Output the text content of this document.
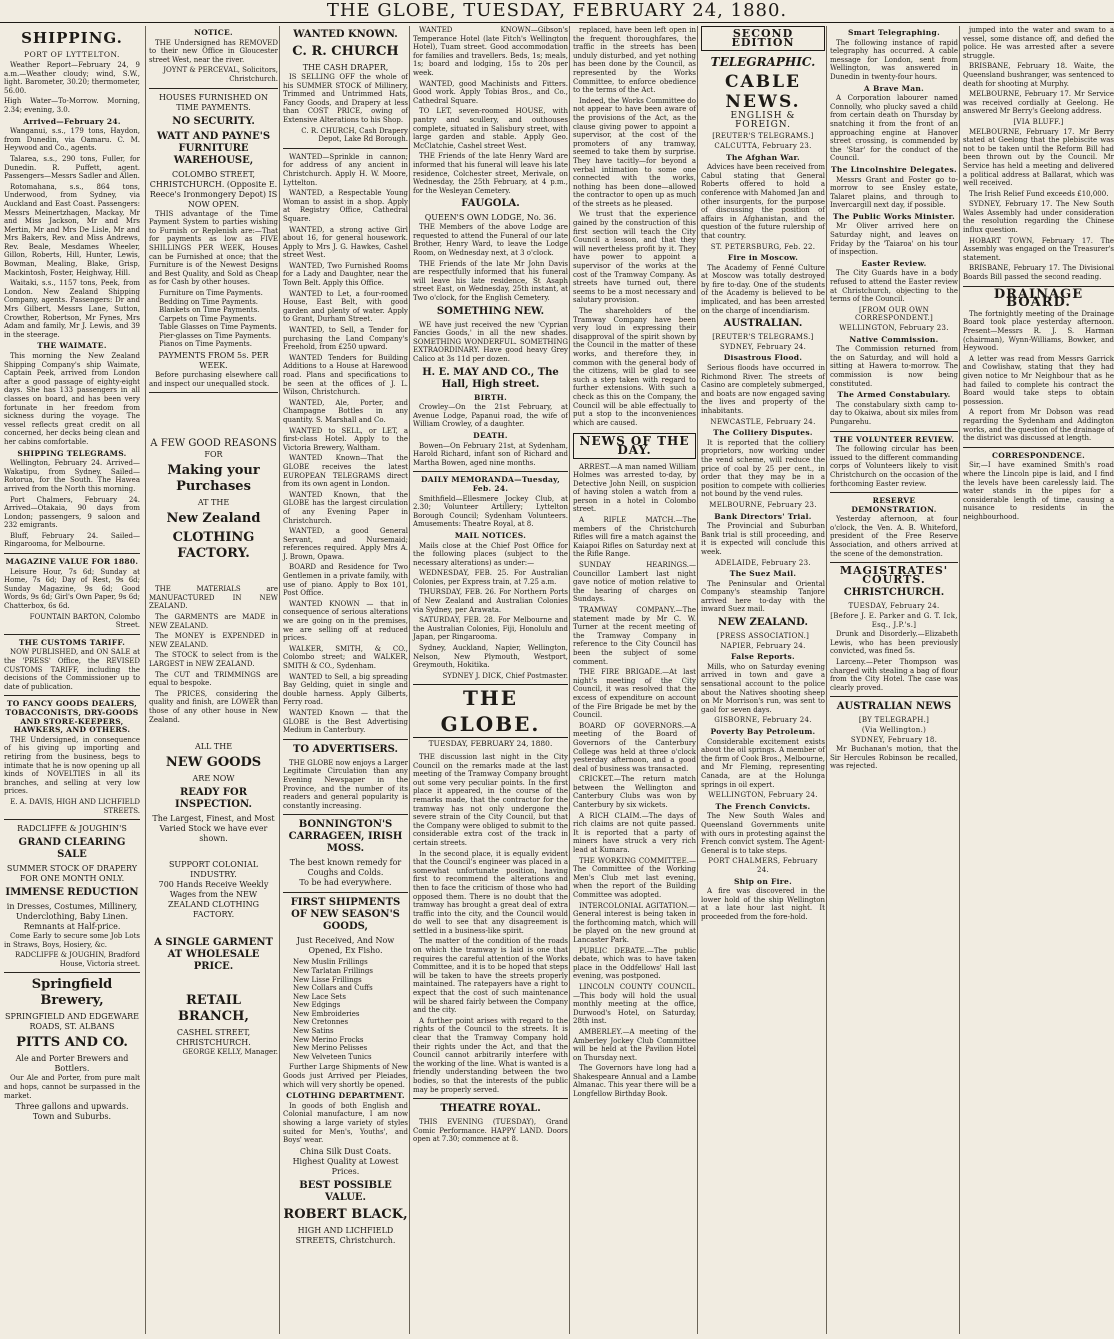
THE GLOBE, TUESDAY, FEBRUARY 24, 1880.
SHIPPING.
PORT OF LYTTELTON.

Weather Report—February 24, 9 a.m.—Weather cloudy; wind, S.W., light. Barometer, 30.20; thermometer, 56.00.

High Water—To-Morrow. Morning, 2.34; evening, 3.0.

Arrived—February 24.

Wanganui, s.s., 179 tons, Haydon, from Dunedin, via Oamaru. C. M. Heywood and Co., agents.

Talarea, s.s., 290 tons, Fuller, for Dunedin. R. Puffett, agent. Passengers—Messrs Sadler and Allen.

Rotomahana, s.s., 864 tons, Underwood, from Sydney, via Auckland and East Coast. Passengers: Messrs Meinertzhagen, Mackay, Mr and Miss Jackson, Mr and Mrs Mertin, Mr and Mrs De Lisle, Mr and Mrs Bakers, Rev. and Miss Andrews, Rev. Beale, Mesdames Wheeler, Gillon, Roberts, Hill, Hunter, Lewis, Bowman, Mealing, Blake, Grisp, Mackintosh, Foster, Heighway, Hill.

Waitaki, s.s., 1157 tons, Peek, from London. New Zealand Shipping Company, agents. Passengers: Dr and Mrs Gilbert, Messrs Lane, Sutton, Crowther, Robertson, Mr Fynes, Mrs Adam and family, Mr J. Lewis, and 39 in the steerage.

THE WAIMATE.

This morning the New Zealand Shipping Company's ship Waimate, Captain Peek, arrived from London after a good passage of eighty-eight days. She has 133 passengers in all classes on board, and has been very fortunate in her freedom from sickness during the voyage. The vessel reflects great credit on all concerned, her decks being clean and her cabins comfortable.

SHIPPING TELEGRAMS.

Wellington, February 24. Arrived—Wakatipu, from Sydney. Sailed—Rotorua, for the South. The Hawea arrived from the North this morning.

Port Chalmers, February 24. Arrived—Otakaia, 90 days from London; passengers, 9 saloon and 232 emigrants.

Bluff, February 24. Sailed—Ringarooma, for Melbourne.

MAGAZINE VALUE FOR 1880.

Leisure Hour, 7s 6d; Sunday at Home, 7s 6d; Day of Rest, 9s 6d; Sunday Magazine, 9s 6d; Good Words, 9s 6d; Girl's Own Paper, 9s 6d; Chatterbox, 6s 6d.

FOUNTAIN BARTON, Colombo Street.
THE CUSTOMS TARIFF.

NOW PUBLISHED, and ON SALE at the 'PRESS' Office, the REVISED CUSTOMS TARIFF, including the decisions of the Commissioner up to date of publication.

TO FANCY GOODS DEALERS, TOBACCONISTS, DRY-GOODS AND STORE-KEEPERS, HAWKERS, AND OTHERS.

THE Undersigned, in consequence of his giving up importing and retiring from the business, begs to intimate that he is now opening up all kinds of NOVELTIES in all its branches, and selling at very low prices.

E. A. DAVIS, HIGH AND LICHFIELD STREETS.
RADCLIFFE & JOUGHIN'S
GRAND CLEARING SALE
SUMMER STOCK OF DRAPERY FOR ONE MONTH ONLY.
IMMENSE REDUCTION
in Dresses, Costumes, Millinery, Underclothing, Baby Linen.
Remnants at Half-price.

Come Early to secure some Job Lots in Straws, Boys, Hosiery, &c.

RADCLIFFE & JOUGHIN, Bradford House, Victoria street.
Springfield Brewery,
SPRINGFIELD AND EDGEWARE ROADS, ST. ALBANS
PITTS AND CO.
Ale and Porter Brewers and Bottlers.

Our Ale and Porter, from pure malt and hops, cannot be surpassed in the market.

Three gallons and upwards. Town and Suburbs.
NOTICE.

THE Undersigned has REMOVED to their new Office in Gloucester street West, near the river.

JOYNT & PERCEVAL, Solicitors, Christchurch.
HOUSES FURNISHED ON TIME PAYMENTS.
NO SECURITY.
WATT AND PAYNE'S FURNITURE WAREHOUSE,
COLOMBO STREET, CHRISTCHURCH. (Opposite E. Reece's Ironmongery Depot) IS NOW OPEN.

THIS advantage of the Time Payment System to parties wishing to Furnish or Replenish are:—That for payments as low as FIVE SHILLINGS PER WEEK, Houses can be Furnished at once; that the Furniture is of the Newest Designs and Best Quality, and Sold as Cheap as for Cash by other houses.

Furniture on Time Payments.
Bedding on Time Payments.
Blankets on Time Payments.
Carpets on Time Payments.
Table Glasses on Time Payments.
Pier-glasses on Time Payments.
Pianos on Time Payments.
PAYMENTS FROM 5s. PER WEEK.

Before purchasing elsewhere call and inspect our unequalled stock.

A FEW GOOD REASONS
FOR
Making your Purchases
AT THE
New Zealand
CLOTHING FACTORY.

THE MATERIALS are MANUFACTURED IN NEW ZEALAND.

The GARMENTS are MADE in NEW ZEALAND.

The MONEY is EXPENDED in NEW ZEALAND.

The STOCK to select from is the LARGEST in NEW ZEALAND.

The CUT and TRIMMINGS are equal to bespoke.

The PRICES, considering the quality and finish, are LOWER than those of any other house in New Zealand.

ALL THE
NEW GOODS
ARE NOW
READY FOR INSPECTION.
The Largest, Finest, and Most Varied Stock we have ever shown.
SUPPORT COLONIAL INDUSTRY.
700 Hands Receive Weekly Wages from the NEW ZEALAND CLOTHING FACTORY.
A SINGLE GARMENT AT WHOLESALE PRICE.
RETAIL BRANCH,
CASHEL STREET, CHRISTCHURCH.
GEORGE KELLY, Manager.
WANTED KNOWN.
C. R. CHURCH
THE CASH DRAPER,

IS SELLING OFF the whole of his SUMMER STOCK of Millinery, Trimmed and Untrimmed Hats, Fancy Goods, and Drapery at less than COST PRICE, owing of Extensive Alterations to his Shop.

C. R. CHURCH, Cash Drapery Depot, Lake Rd Borough.

WANTED—Sprinkle in cannon; for address of any ancient in Christchurch. Apply H. W. Moore, Lyttelton.

WANTED, a Respectable Young Woman to assist in a shop. Apply at Registry Office, Cathedral Square.

WANTED, a strong active Girl about 16, for general housework. Apply to Mrs J. G. Hawkes, Cashel street West.

WANTED, Two Furnished Rooms for a Lady and Daughter, near the Town Belt. Apply this Office.

WANTED to Let, a four-roomed House, East Belt, with good garden and plenty of water. Apply to Grant, Durham Street.

WANTED, to Sell, a Tender for purchasing the Land Company's Freehold, from £250 upward.

WANTED Tenders for Building Additions to a House at Harewood road. Plans and specifications to be seen at the offices of J. L. Wilson, Christchurch.

WANTED, Ale, Porter, and Champagne Bottles in any quantity. S. Marshall and Co.

WANTED to SELL, or LET, a first-class Hotel. Apply to the Victoria Brewery, Waltham.

WANTED Known—That the GLOBE receives the latest EUROPEAN TELEGRAMS direct from its own agent in London.

WANTED Known, that the GLOBE has the largest circulation of any Evening Paper in Christchurch.

WANTED, a good General Servant, and Nursemaid; references required. Apply Mrs A. J. Brown, Opawa.

BOARD and Residence for Two Gentlemen in a private family, with use of piano. Apply to Box 101, Post Office.

WANTED KNOWN — that in consequence of serious alterations we are going on in the premises, we are selling off at reduced prices.

WALKER, SMITH, & CO., Colombo street; and WALKER, SMITH & CO., Sydenham.

WANTED to Sell, a big spreading Bay Gelding, quiet in single and double harness. Apply Gilberts, Ferry road.

WANTED Known — that the GLOBE is the Best Advertising Medium in Canterbury.

TO ADVERTISERS.

THE GLOBE now enjoys a Larger Legitimate Circulation than any Evening Newspaper in the Province, and the number of its readers and general popularity is constantly increasing.

BONNINGTON'S CARRAGEEN, IRISH MOSS.
The best known remedy for Coughs and Colds.
To be had everywhere.
FIRST SHIPMENTS OF NEW SEASON'S GOODS,
Just Received, And Now Opened, Ex Fisho.
New Muslin Frillings
New Tarlatan Frillings
New Lisse Frillings
New Collars and Cuffs
New Lace Sets
New Edgings
New Embroideries
New Cretonnes
New Satins
New Merino Frocks
New Merino Pelisses
New Velveteen Tunics

Further Large Shipments of New Goods just Arrived per Pleiades, which will very shortly be opened.

CLOTHING DEPARTMENT.

In goods of both English and Colonial manufacture, I am now showing a large variety of styles suited for Men's, Youths', and Boys' wear.

China Silk Dust Coats.
Highest Quality at Lowest Prices.
BEST POSSIBLE VALUE.
ROBERT BLACK,
HIGH AND LICHFIELD STREETS, Christchurch.

WANTED KNOWN—Gibson's Temperance Hotel (late Fitch's Wellington Hotel), Tuam street. Good accommodation for families and travellers. Beds, 1s; meals, 1s; board and lodging, 15s to 20s per week.

WANTED, good Machinists and Fitters. Good work. Apply Tobias Bros., and Co., Cathedral Square.

TO LET, seven-roomed HOUSE, with pantry and scullery, and outhouses complete, situated in Salisbury street, with large garden and stable. Apply Geo. McClatchie, Cashel street West.

THE Friends of the late Henry Ward are informed that his funeral will leave his late residence, Colchester street, Merivale, on Wednesday, the 25th February, at 4 p.m., for the Wesleyan Cemetery.

FAUGOLA.
QUEEN'S OWN LODGE, No. 36.

THE Members of the above Lodge are requested to attend the Funeral of our late Brother, Henry Ward, to leave the Lodge Room, on Wednesday next, at 3 o'clock.

THE Friends of the late Mr John Davis are respectfully informed that his funeral will leave his late residence, St Asaph street East, on Wednesday, 25th instant, at Two o'clock, for the English Cemetery.

SOMETHING NEW.

WE have just received the new 'Cyprian Fancies Goods,' in all the new shades. SOMETHING WONDERFUL. SOMETHING EXTRAORDINARY. Have good heavy Grey Calico at 3s 11d per dozen.

H. E. MAY AND CO., The Hall, High street.
BIRTH.

Crowley—On the 21st February, at Avenue Lodge, Papanui road, the wife of William Crowley, of a daughter.

DEATH.

Bowen—On February 21st, at Sydenham, Harold Richard, infant son of Richard and Martha Bowen, aged nine months.

DAILY MEMORANDA—Tuesday, Feb. 24.

Smithfield—Ellesmere Jockey Club, at 2.30; Volunteer Artillery; Lyttelton Borough Council; Sydenham Volunteers. Amusements: Theatre Royal, at 8.

MAIL NOTICES.

Mails close at the Chief Post Office for the following places (subject to the necessary alterations) as under:—

WEDNESDAY, FEB. 25. For Australian Colonies, per Express train, at 7.25 a.m.

THURSDAY, FEB. 26. For Northern Ports of New Zealand and Australian Colonies via Sydney, per Arawata.

SATURDAY, FEB. 28. For Melbourne and the Australian Colonies, Fiji, Honolulu and Japan, per Ringarooma.

Sydney, Auckland, Napier, Wellington, Nelson, New Plymouth, Westport, Greymouth, Hokitika.

SYDNEY J. DICK, Chief Postmaster.
THE GLOBE.
TUESDAY, FEBRUARY 24, 1880.

THE discussion last night in the City Council on the remarks made at the last meeting of the Tramway Company brought out some very peculiar points. In the first place it appeared, in the course of the remarks made, that the contractor for the tramway has not only undergone the severe strain of the City Council, but that the Company were obliged to submit to the considerable extra cost of the track in certain streets.

In the second place, it is equally evident that the Council's engineer was placed in a somewhat unfortunate position, having first to recommend the alterations and then to face the criticism of those who had opposed them. There is no doubt that the tramway has brought a great deal of extra traffic into the city, and the Council would do well to see that any disagreement is settled in a business-like spirit.

The matter of the condition of the roads on which the tramway is laid is one that requires the careful attention of the Works Committee, and it is to be hoped that steps will be taken to have the streets properly maintained. The ratepayers have a right to expect that the cost of such maintenance will be shared fairly between the Company and the city.

A further point arises with regard to the rights of the Council to the streets. It is clear that the Tramway Company hold their rights under the Act, and that the Council cannot arbitrarily interfere with the working of the line. What is wanted is a friendly understanding between the two bodies, so that the interests of the public may be properly served.

THEATRE ROYAL.

THIS EVENING (TUESDAY), Grand Comic Performance. HAPPY LAND. Doors open at 7.30; commence at 8.

replaced, have been left open in the frequent thoroughfares, the traffic in the streets has been unduly disturbed, and yet nothing has been done by the Council, as represented by the Works Committee, to enforce obedience to the terms of the Act.

Indeed, the Works Committee do not appear to have been aware of the provisions of the Act, as the clause giving power to appoint a supervisor, at the cost of the promoters of any tramway, seemed to take them by surprise. They have tacitly—for beyond a verbal intimation to some one connected with the works, nothing has been done—allowed the contractor to open up as much of the streets as he pleased.

We trust that the experience gained by the construction of this first section will teach the City Council a lesson, and that they will nevertheless profit by it. They have power to appoint a supervisor of the works at the cost of the Tramway Company. As streets have turned out, there seems to be a most necessary and salutary provision.

The shareholders of the Tramway Company have been very loud in expressing their disapproval of the spirit shown by the Council in the matter of these works, and therefore they, in common with the general body of the citizens, will be glad to see such a step taken with regard to further extensions. With such a check as this on the Company, the Council will be able effectually to put a stop to the inconveniences which are caused.

NEWS OF THE DAY.

ARREST.—A man named William Holmes was arrested to-day, by Detective John Neill, on suspicion of having stolen a watch from a person in a hotel in Colombo street.

A RIFLE MATCH.—The members of the Christchurch Rifles will fire a match against the Kaiapoi Rifles on Saturday next at the Rifle Range.

SUNDAY HEARINGS.—Councillor Lambert last night gave notice of motion relative to the hearing of charges on Sundays.

TRAMWAY COMPANY.—The statement made by Mr C. W. Turner at the recent meeting of the Tramway Company in reference to the City Council has been the subject of some comment.

THE FIRE BRIGADE.—At last night's meeting of the City Council, it was resolved that the excess of expenditure on account of the Fire Brigade be met by the Council.

BOARD OF GOVERNORS.—A meeting of the Board of Governors of the Canterbury College was held at three o'clock yesterday afternoon, and a good deal of business was transacted.

CRICKET.—The return match between the Wellington and Canterbury Clubs was won by Canterbury by six wickets.

A RICH CLAIM.—The days of rich claims are not quite passed. It is reported that a party of miners have struck a very rich lead at Kumara.

THE WORKING COMMITTEE.—The Committee of the Working Men's Club met last evening, when the report of the Building Committee was adopted.

INTERCOLONIAL AGITATION.—General interest is being taken in the forthcoming match, which will be played on the new ground at Lancaster Park.

PUBLIC DEBATE.—The public debate, which was to have taken place in the Oddfellows' Hall last evening, was postponed.

LINCOLN COUNTY COUNCIL.—This body will hold the usual monthly meeting at the office, Durwood's Hotel, on Saturday, 28th inst.

AMBERLEY.—A meeting of the Amberley Jockey Club Committee will be held at the Pavilion Hotel on Thursday next.

The Governors have long had a Shakespeare Annual and a Lambe Almanac. This year there will be a Longfellow Birthday Book.

SECOND EDITION
TELEGRAPHIC.
CABLE NEWS.
ENGLISH & FOREIGN.
[REUTER'S TELEGRAMS.]
CALCUTTA, February 23.
The Afghan War.

Advices have been received from Cabul stating that General Roberts offered to hold a conference with Mahomed Jan and other insurgents, for the purpose of discussing the position of affairs in Afghanistan, and the question of the future rulership of that country.

ST. PETERSBURG, Feb. 22.
Fire in Moscow.

The Academy of Fenné Culture at Moscow was totally destroyed by fire to-day. One of the students of the Academy is believed to be implicated, and has been arrested on the charge of incendiarism.

AUSTRALIAN.
[REUTER'S TELEGRAMS.]
SYDNEY, February 24.
Disastrous Flood.

Serious floods have occurred in Richmond River. The streets of Casino are completely submerged, and boats are now engaged saving the lives and property of the inhabitants.

NEWCASTLE, February 24.
The Colliery Disputes.

It is reported that the colliery proprietors, now working under the vend scheme, will reduce the price of coal by 25 per cent., in order that they may be in a position to compete with collieries not bound by the vend rules.

MELBOURNE, February 23.
Bank Directors' Trial.

The Provincial and Suburban Bank trial is still proceeding, and it is expected will conclude this week.

ADELAIDE, February 23.
The Suez Mail.

The Peninsular and Oriental Company's steamship Tanjore arrived here to-day with the inward Suez mail.

NEW ZEALAND.
[PRESS ASSOCIATION.]
NAPIER, February 24.
False Reports.

Mills, who on Saturday evening arrived in town and gave a sensational account to the police about the Natives shooting sheep on Mr Morrison's run, was sent to gaol for seven days.

GISBORNE, February 24.
Poverty Bay Petroleum.

Considerable excitement exists about the oil springs. A member of the firm of Cook Bros., Melbourne, and Mr Fleming, representing Canada, are at the Holunga springs in oil expert.

WELLINGTON, February 24.
The French Convicts.

The New South Wales and Queensland Governments unite with ours in protesting against the French convict system. The Agent-General is to take steps.

PORT CHALMERS, February 24.
Ship on Fire.

A fire was discovered in the lower hold of the ship Wellington at a late hour last night. It proceeded from the fore-hold.

Smart Telegraphing.

The following instance of rapid telegraphy has occurred. A cable message for London, sent from Wellington, was answered in Dunedin in twenty-four hours.

A Brave Man.

A Corporation labourer named Connolly, who plucky saved a child from certain death on Thursday by snatching it from the front of an approaching engine at Hanover street crossing, is commended by the 'Star' for the conduct of the Council.

The Lincolnshire Delegates.

Messrs Grant and Foster go to-morrow to see Ensley estate, Talaret plains, and through to Invercargill next day, if possible.

The Public Works Minister.

Mr Oliver arrived here on Saturday night, and leaves on Friday by the 'Taiaroa' on his tour of inspection.

Easter Review.

The City Guards have in a body refused to attend the Easter review at Christchurch, objecting to the terms of the Council.

[FROM OUR OWN CORRESPONDENT.]
WELLINGTON, February 23.
Native Commission.

The Commission returned from the on Saturday, and will hold a sitting at Hawera to-morrow. The commission is now being constituted.

The Armed Constabulary.

The constabulary sixth camp to-day to Okaiwa, about six miles from Pungarehu.

THE VOLUNTEER REVIEW.

The following circular has been issued to the different commanding corps of Volunteers likely to visit Christchurch on the occasion of the forthcoming Easter review.

RESERVE DEMONSTRATION.

Yesterday afternoon, at four o'clock, the Ven. A. B. Whiteford, president of the Free Reserve Association, and others arrived at the scene of the demonstration.

MAGISTRATES' COURTS.
CHRISTCHURCH.
TUESDAY, February 24.
[Before J. E. Parker and G. T. Ick, Esq., J.P.'s.]

Drunk and Disorderly.—Elizabeth Lewis, who has been previously convicted, was fined 5s.

Larceny.—Peter Thompson was charged with stealing a bag of flour from the City Hotel. The case was clearly proved.

AUSTRALIAN NEWS
[BY TELEGRAPH.]
(Via Wellington.)
SYDNEY, February 18.

Mr Buchanan's motion, that the Sir Hercules Robinson be recalled, was rejected.

jumped into the water and swam to a vessel, some distance off, and defied the police. He was arrested after a severe struggle.

BRISBANE, February 18. Waite, the Queensland bushranger, was sentenced to death for shooting at Murphy.

MELBOURNE, February 17. Mr Service was received cordially at Geelong. He answered Mr Berry's Geelong address.

[VIA BLUFF.]

MELBOURNE, February 17. Mr Berry stated at Geelong that the plebiscite was not to be taken until the Reform Bill had been thrown out by the Council. Mr Service has held a meeting and delivered a political address at Ballarat, which was well received.

The Irish Relief Fund exceeds £10,000.

SYDNEY, February 17. The New South Wales Assembly had under consideration the resolution regarding the Chinese influx question.

HOBART TOWN, February 17. The Assembly was engaged on the Treasurer's statement.

BRISBANE, February 17. The Divisional Boards Bill passed the second reading.

DRAINAGE BOARD.

The fortnightly meeting of the Drainage Board took place yesterday afternoon. Present—Messrs R. J. S. Harman (chairman), Wynn-Williams, Bowker, and Heywood.

A letter was read from Messrs Garrick and Cowlishaw, stating that they had given notice to Mr Neighbour that as he had failed to complete his contract the Board would take steps to obtain possession.

A report from Mr Dobson was read regarding the Sydenham and Addington works, and the question of the drainage of the district was discussed at length.

CORRESPONDENCE.

Sir,—I have examined Smith's road where the Lincoln pipe is laid, and I find the levels have been carelessly laid. The water stands in the pipes for a considerable length of time, causing a nuisance to residents in the neighbourhood.
